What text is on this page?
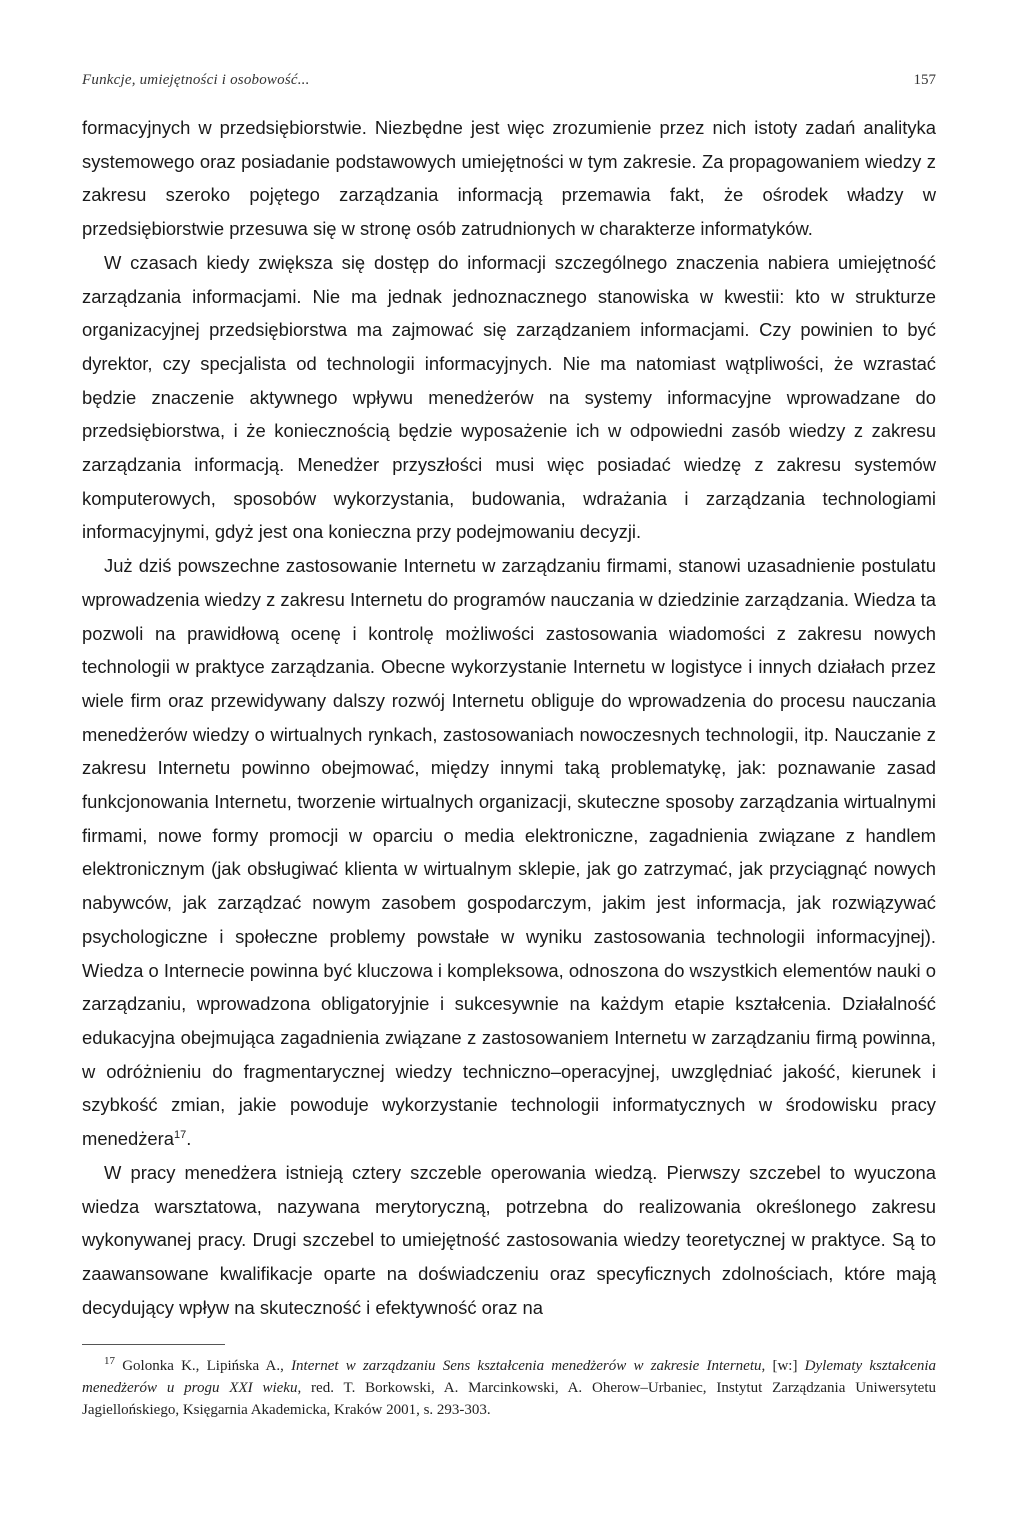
Funkcje, umiejętności i osobowość...	157

formacyjnych w przedsiębiorstwie. Niezbędne jest więc zrozumienie przez nich istoty zadań analityka systemowego oraz posiadanie podstawowych umiejętności w tym zakresie. Za propagowaniem wiedzy z zakresu szeroko pojętego zarządzania informacją przemawia fakt, że ośrodek władzy w przedsiębiorstwie przesuwa się w stronę osób zatrudnionych w charakterze informatyków.

W czasach kiedy zwiększa się dostęp do informacji szczególnego znaczenia nabiera umiejętność zarządzania informacjami. Nie ma jednak jednoznacznego stanowiska w kwestii: kto w strukturze organizacyjnej przedsiębiorstwa ma zajmować się zarządzaniem informacjami. Czy powinien to być dyrektor, czy specjalista od technologii informacyjnych. Nie ma natomiast wątpliwości, że wzrastać będzie znaczenie aktywnego wpływu menedżerów na systemy informacyjne wprowadzane do przedsiębiorstwa, i że koniecznością będzie wyposażenie ich w odpowiedni zasób wiedzy z zakresu zarządzania informacją. Menedżer przyszłości musi więc posiadać wiedzę z zakresu systemów komputerowych, sposobów wykorzystania, budowania, wdrażania i zarządzania technologiami informacyjnymi, gdyż jest ona konieczna przy podejmowaniu decyzji.

Już dziś powszechne zastosowanie Internetu w zarządzaniu firmami, stanowi uzasadnienie postulatu wprowadzenia wiedzy z zakresu Internetu do programów nauczania w dziedzinie zarządzania. Wiedza ta pozwoli na prawidłową ocenę i kontrolę możliwości zastosowania wiadomości z zakresu nowych technologii w praktyce zarządzania. Obecne wykorzystanie Internetu w logistyce i innych działach przez wiele firm oraz przewidywany dalszy rozwój Internetu obliguje do wprowadzenia do procesu nauczania menedżerów wiedzy o wirtualnych rynkach, zastosowaniach nowoczesnych technologii, itp. Nauczanie z zakresu Internetu powinno obejmować, między innymi taką problematykę, jak: poznawanie zasad funkcjonowania Internetu, tworzenie wirtualnych organizacji, skuteczne sposoby zarządzania wirtualnymi firmami, nowe formy promocji w oparciu o media elektroniczne, zagadnienia związane z handlem elektronicznym (jak obsługiwać klienta w wirtualnym sklepie, jak go zatrzymać, jak przyciągnąć nowych nabywców, jak zarządzać nowym zasobem gospodarczym, jakim jest informacja, jak rozwiązywać psychologiczne i społeczne problemy powstałe w wyniku zastosowania technologii informacyjnej). Wiedza o Internecie powinna być kluczowa i kompleksowa, odnoszona do wszystkich elementów nauki o zarządzaniu, wprowadzona obligatoryjnie i sukcesywnie na każdym etapie kształcenia. Działalność edukacyjna obejmująca zagadnienia związane z zastosowaniem Internetu w zarządzaniu firmą powinna, w odróżnieniu do fragmentarycznej wiedzy techniczno–operacyjnej, uwzględniać jakość, kierunek i szybkość zmian, jakie powoduje wykorzystanie technologii informatycznych w środowisku pracy menedżera$^{17}$.

W pracy menedżera istnieją cztery szczeble operowania wiedzą. Pierwszy szczebel to wyuczona wiedza warsztatowa, nazywana merytoryczną, potrzebna do realizowania określonego zakresu wykonywanej pracy. Drugi szczebel to umiejętność zastosowania wiedzy teoretycznej w praktyce. Są to zaawansowane kwalifikacje oparte na doświadczeniu oraz specyficznych zdolnościach, które mają decydujący wpływ na skuteczność i efektywność oraz na

$^{17}$ Golonka K., Lipińska A., Internet w zarządzaniu Sens kształcenia menedżerów w zakresie Internetu, [w:] Dylematy kształcenia menedżerów u progu XXI wieku, red. T. Borkowski, A. Marcinkowski, A. Oherow–Urbaniec, Instytut Zarządzania Uniwersytetu Jagiellońskiego, Księgarnia Akademicka, Kraków 2001, s. 293-303.
